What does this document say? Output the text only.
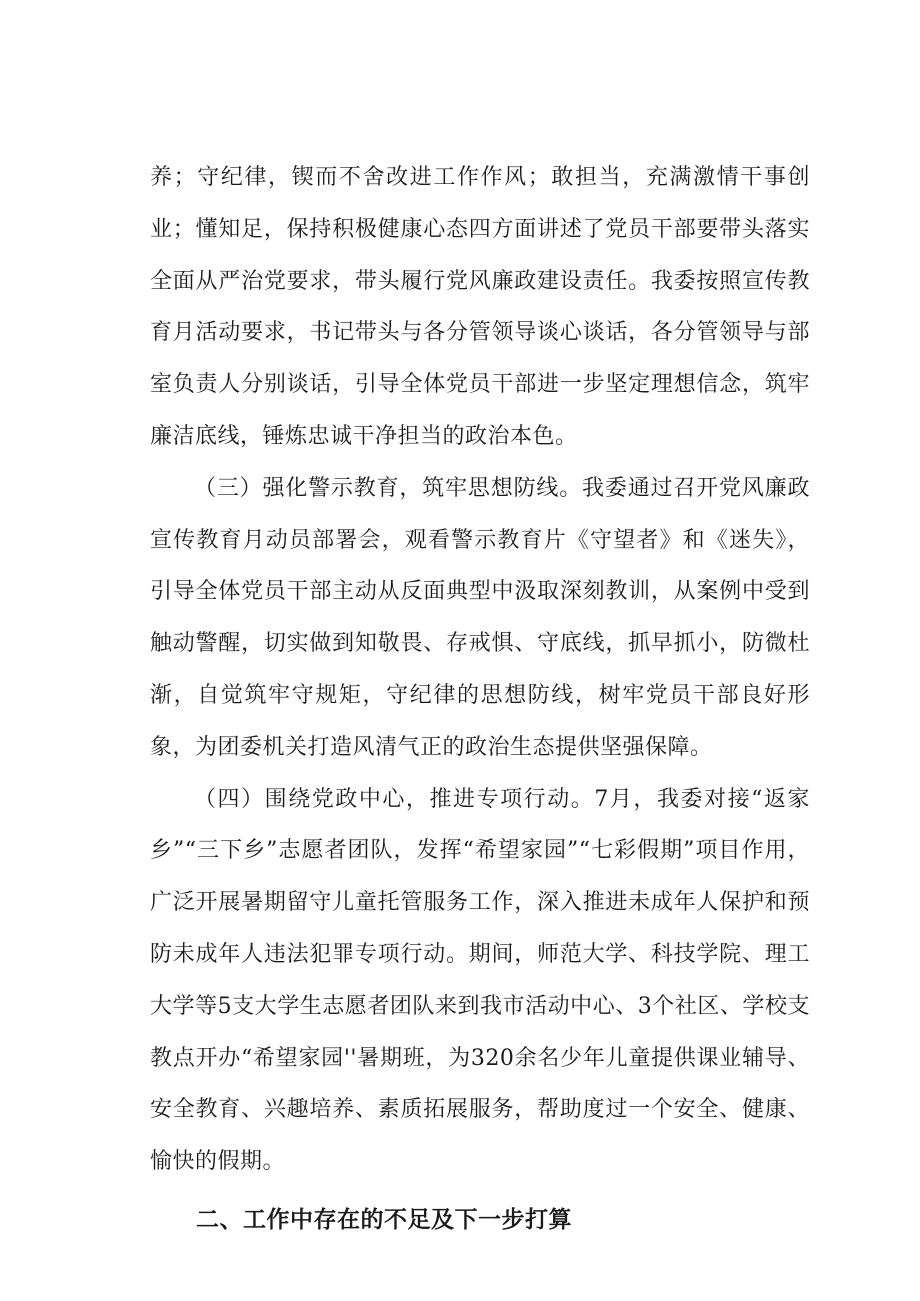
养；守纪律，锲而不舍改进工作作风；敢担当，充满激情干事创业；懂知足，保持积极健康心态四方面讲述了党员干部要带头落实全面从严治党要求，带头履行党风廉政建设责任。我委按照宣传教育月活动要求，书记带头与各分管领导谈心谈话，各分管领导与部室负责人分别谈话，引导全体党员干部进一步坚定理想信念，筑牢廉洁底线，锤炼忠诚干净担当的政治本色。

（三）强化警示教育，筑牢思想防线。我委通过召开党风廉政宣传教育月动员部署会，观看警示教育片《守望者》和《迷失》，引导全体党员干部主动从反面典型中汲取深刻教训，从案例中受到触动警醒，切实做到知敬畏、存戒惧、守底线，抓早抓小，防微杜渐，自觉筑牢守规矩，守纪律的思想防线，树牢党员干部良好形象，为团委机关打造风清气正的政治生态提供坚强保障。

（四）围绕党政中心，推进专项行动。7月，我委对接“返家乡”“三下乡”志愿者团队，发挥“希望家园”“七彩假期”项目作用，广泛开展暑期留守儿童托管服务工作，深入推进未成年人保护和预防未成年人违法犯罪专项行动。期间，师范大学、科技学院、理工大学等5支大学生志愿者团队来到我市活动中心、3个社区、学校支教点开办“希望家园''暑期班，为320余名少年儿童提供课业辅导、安全教育、兴趣培养、素质拓展服务，帮助度过一个安全、健康、愉快的假期。

二、工作中存在的不足及下一步打算
